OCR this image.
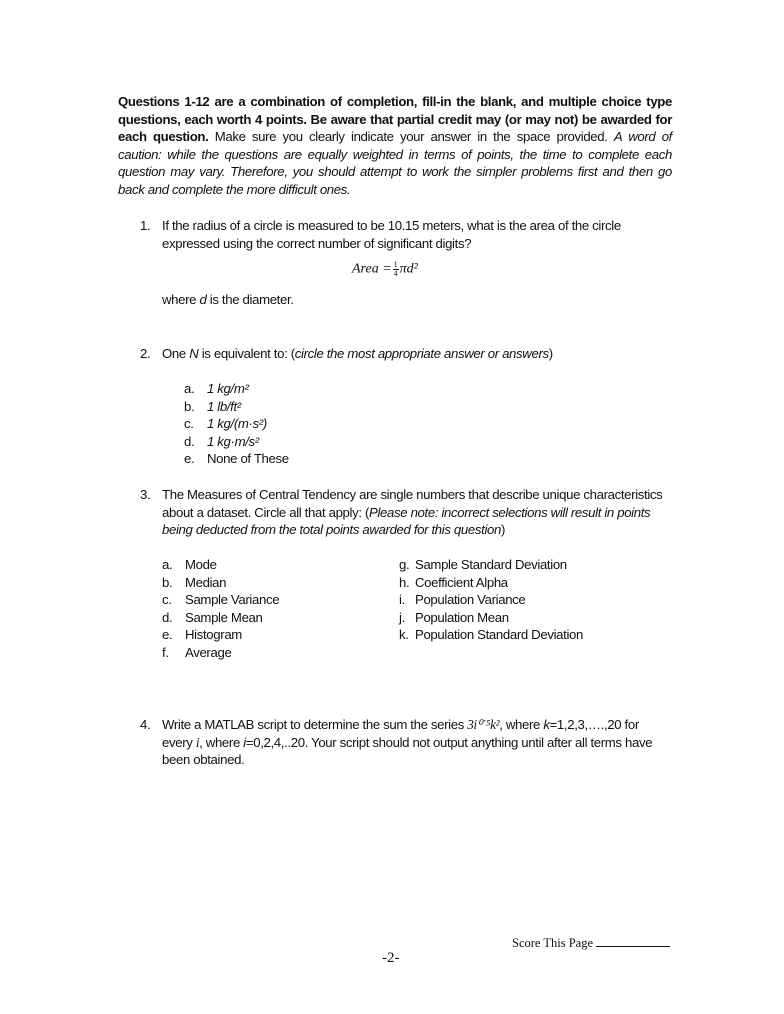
Questions 1-12 are a combination of completion, fill-in the blank, and multiple choice type questions, each worth 4 points. Be aware that partial credit may (or may not) be awarded for each question. Make sure you clearly indicate your answer in the space provided. A word of caution: while the questions are equally weighted in terms of points, the time to complete each question may vary. Therefore, you should attempt to work the simpler problems first and then go back and complete the more difficult ones.
1. If the radius of a circle is measured to be 10.15 meters, what is the area of the circle expressed using the correct number of significant digits?
Area $=\frac{1}{4}\pi d^2$
where d is the diameter.
2. One N is equivalent to: (circle the most appropriate answer or answers)
a. 1 kg/m²
b. 1 lb/ft²
c. 1 kg/(m·s²)
d. 1 kg·m/s²
e. None of These
3. The Measures of Central Tendency are single numbers that describe unique characteristics about a dataset. Circle all that apply: (Please note: incorrect selections will result in points being deducted from the total points awarded for this question)
a. Mode
b. Median
c. Sample Variance
d. Sample Mean
e. Histogram
f. Average
g. Sample Standard Deviation
h. Coefficient Alpha
i. Population Variance
j. Population Mean
k. Population Standard Deviation
4. Write a MATLAB script to determine the sum the series 3i⁰˙⁵k², where k=1,2,3,….,20 for every i, where i=0,2,4,..20. Your script should not output anything until after all terms have been obtained.
Score This Page
-2-
